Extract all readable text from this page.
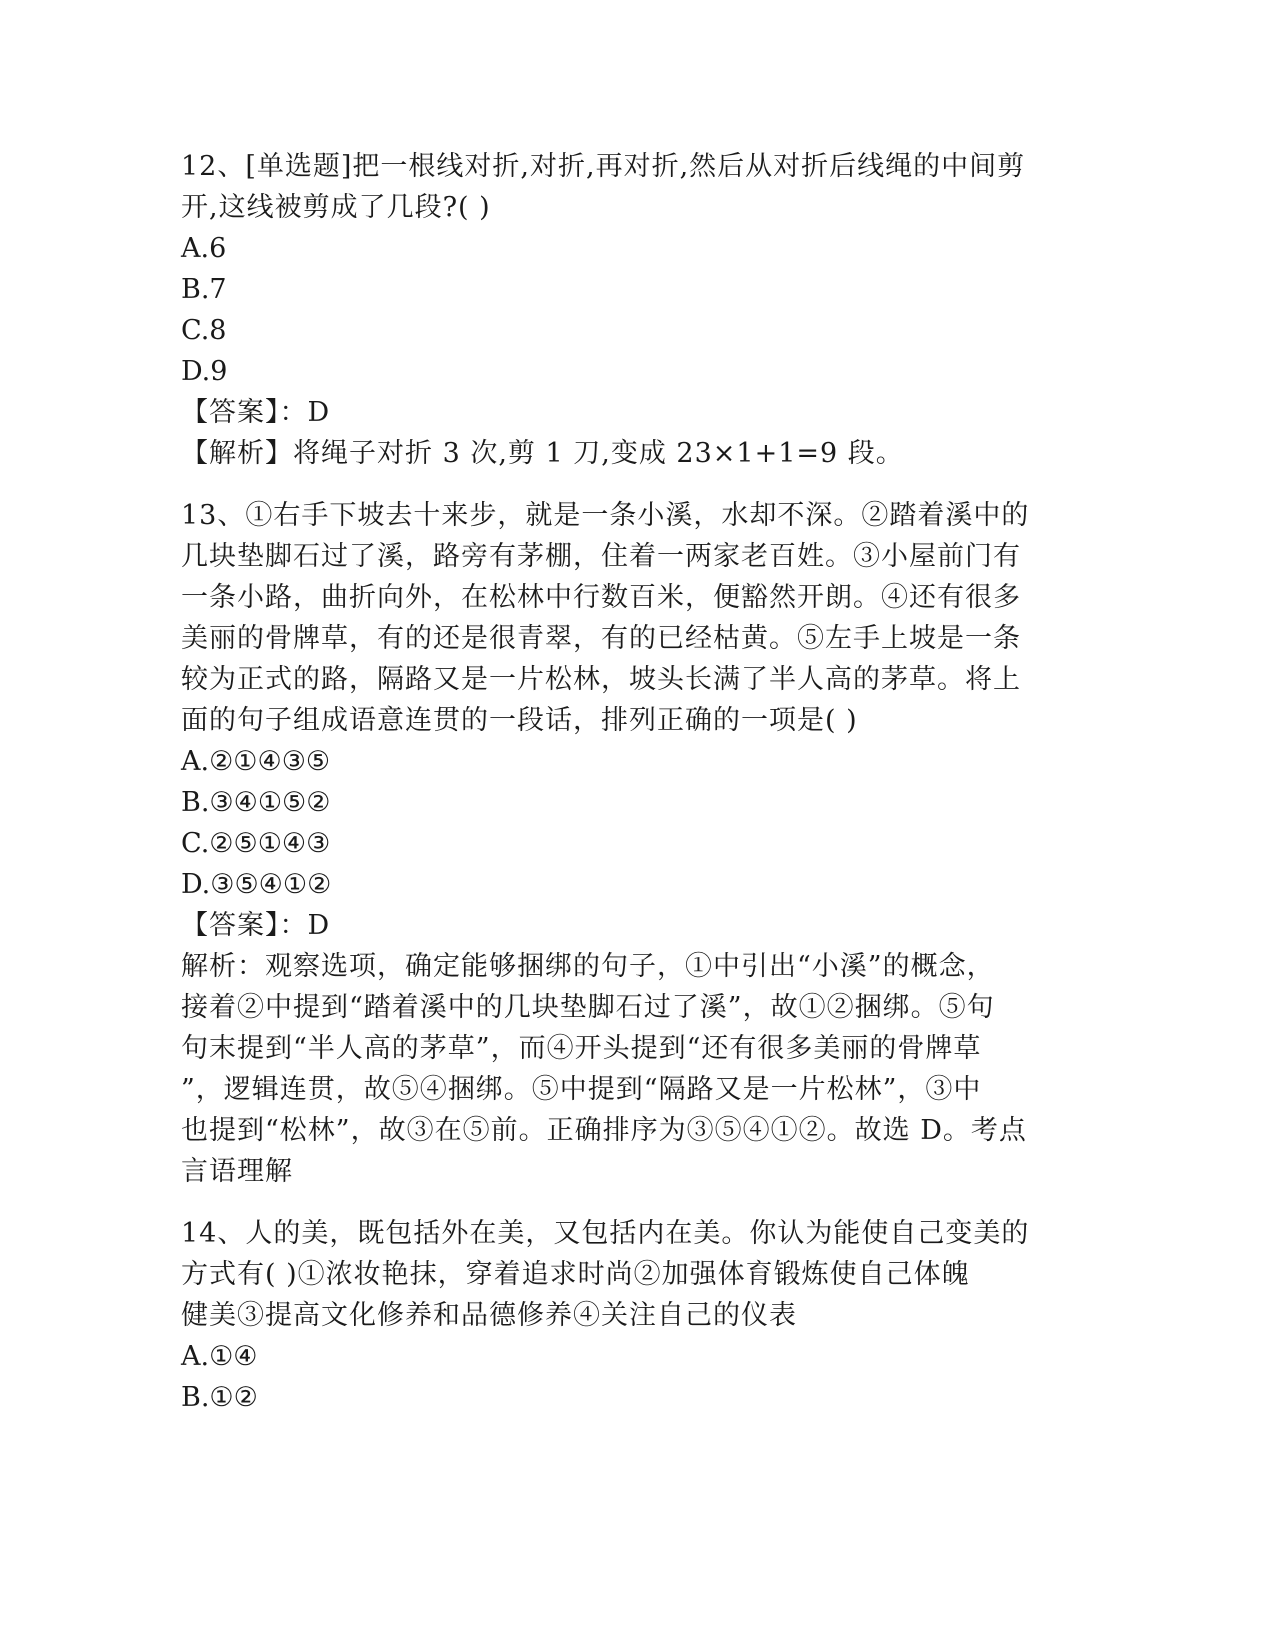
12、[单选题]把一根线对折,对折,再对折,然后从对折后线绳的中间剪
开,这线被剪成了几段?( )
A.6
B.7
C.8
D.9
【答案】：D
【解析】将绳子对折 3 次,剪 1 刀,变成 23×1+1=9 段。
13、①右手下坡去十来步，就是一条小溪，水却不深。②踏着溪中的
几块垫脚石过了溪，路旁有茅棚，住着一两家老百姓。③小屋前门有
一条小路，曲折向外，在松林中行数百米，便豁然开朗。④还有很多
美丽的骨牌草，有的还是很青翠，有的已经枯黄。⑤左手上坡是一条
较为正式的路，隔路又是一片松林，坡头长满了半人高的茅草。将上
面的句子组成语意连贯的一段话，排列正确的一项是( )
A.②①④③⑤
B.③④①⑤②
C.②⑤①④③
D.③⑤④①②
【答案】：D
解析：观察选项，确定能够捆绑的句子，①中引出“小溪”的概念，
接着②中提到“踏着溪中的几块垫脚石过了溪”，故①②捆绑。⑤句
句末提到“半人高的茅草”，而④开头提到“还有很多美丽的骨牌草
”，逻辑连贯，故⑤④捆绑。⑤中提到“隔路又是一片松林”，③中
也提到“松林”，故③在⑤前。正确排序为③⑤④①②。故选 D。考点
言语理解
14、人的美，既包括外在美，又包括内在美。你认为能使自己变美的
方式有( )①浓妆艳抹，穿着追求时尚②加强体育锻炼使自己体魄
健美③提高文化修养和品德修养④关注自己的仪表
A.①④
B.①②
